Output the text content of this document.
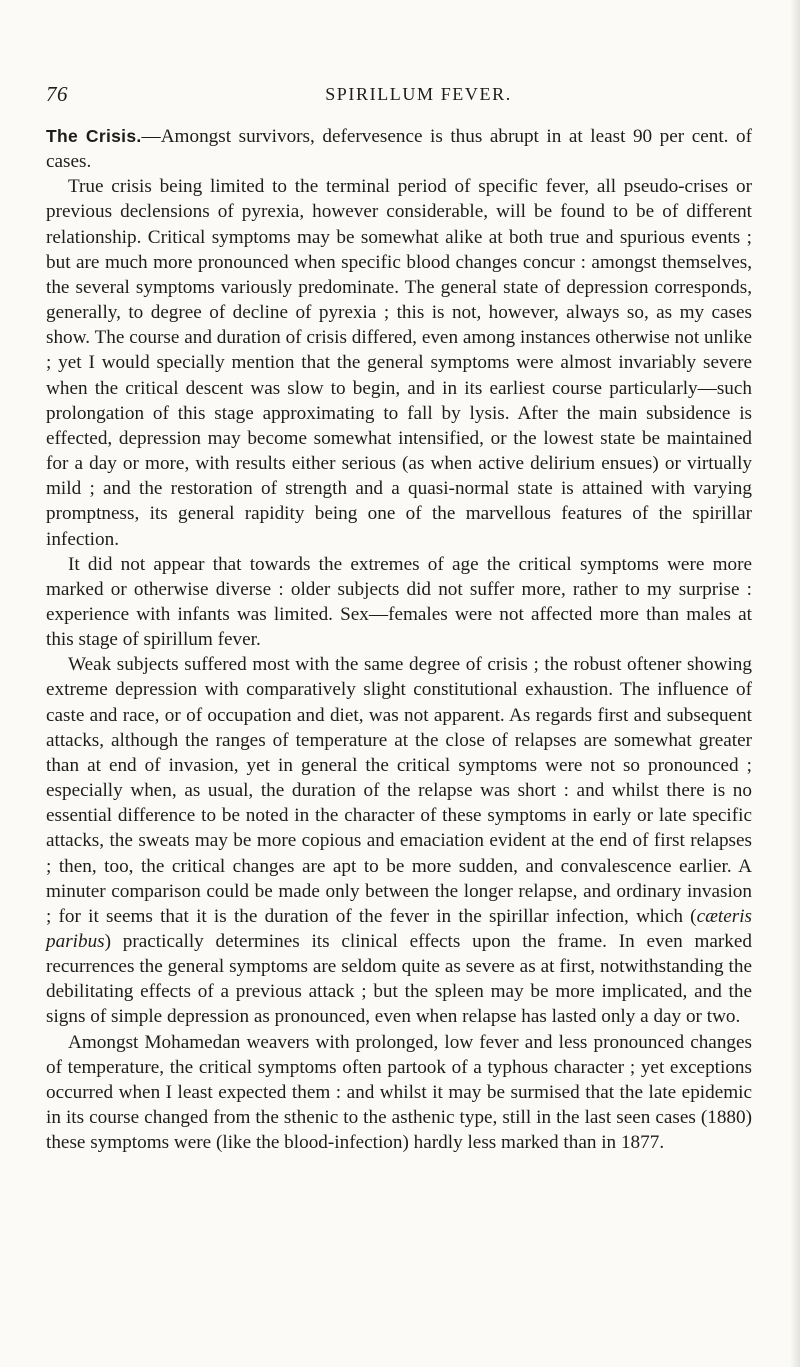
76	SPIRILLUM FEVER.

The Crisis.—Amongst survivors, defervesence is thus abrupt in at least 90 per cent. of cases.

True crisis being limited to the terminal period of specific fever, all pseudo-crises or previous declensions of pyrexia, however considerable, will be found to be of different relationship. Critical symptoms may be somewhat alike at both true and spurious events ; but are much more pronounced when specific blood changes concur : amongst themselves, the several symptoms variously predominate. The general state of depression corresponds, generally, to degree of decline of pyrexia ; this is not, however, always so, as my cases show. The course and duration of crisis differed, even among instances otherwise not unlike ; yet I would specially mention that the general symptoms were almost invariably severe when the critical descent was slow to begin, and in its earliest course particularly—such prolongation of this stage approximating to fall by lysis. After the main subsidence is effected, depression may become somewhat intensified, or the lowest state be maintained for a day or more, with results either serious (as when active delirium ensues) or virtually mild ; and the restoration of strength and a quasi-normal state is attained with varying promptness, its general rapidity being one of the marvellous features of the spirillar infection.

It did not appear that towards the extremes of age the critical symptoms were more marked or otherwise diverse : older subjects did not suffer more, rather to my surprise : experience with infants was limited. Sex—females were not affected more than males at this stage of spirillum fever.

Weak subjects suffered most with the same degree of crisis ; the robust oftener showing extreme depression with comparatively slight constitutional exhaustion. The influence of caste and race, or of occupation and diet, was not apparent. As regards first and subsequent attacks, although the ranges of temperature at the close of relapses are somewhat greater than at end of invasion, yet in general the critical symptoms were not so pronounced ; especially when, as usual, the duration of the relapse was short : and whilst there is no essential difference to be noted in the character of these symptoms in early or late specific attacks, the sweats may be more copious and emaciation evident at the end of first relapses ; then, too, the critical changes are apt to be more sudden, and convalescence earlier. A minuter comparison could be made only between the longer relapse, and ordinary invasion ; for it seems that it is the duration of the fever in the spirillar infection, which (cæteris paribus) practically determines its clinical effects upon the frame. In even marked recurrences the general symptoms are seldom quite as severe as at first, notwithstanding the debilitating effects of a previous attack ; but the spleen may be more implicated, and the signs of simple depression as pronounced, even when relapse has lasted only a day or two.

Amongst Mohamedan weavers with prolonged, low fever and less pronounced changes of temperature, the critical symptoms often partook of a typhous character ; yet exceptions occurred when I least expected them : and whilst it may be surmised that the late epidemic in its course changed from the sthenic to the asthenic type, still in the last seen cases (1880) these symptoms were (like the blood-infection) hardly less marked than in 1877.
